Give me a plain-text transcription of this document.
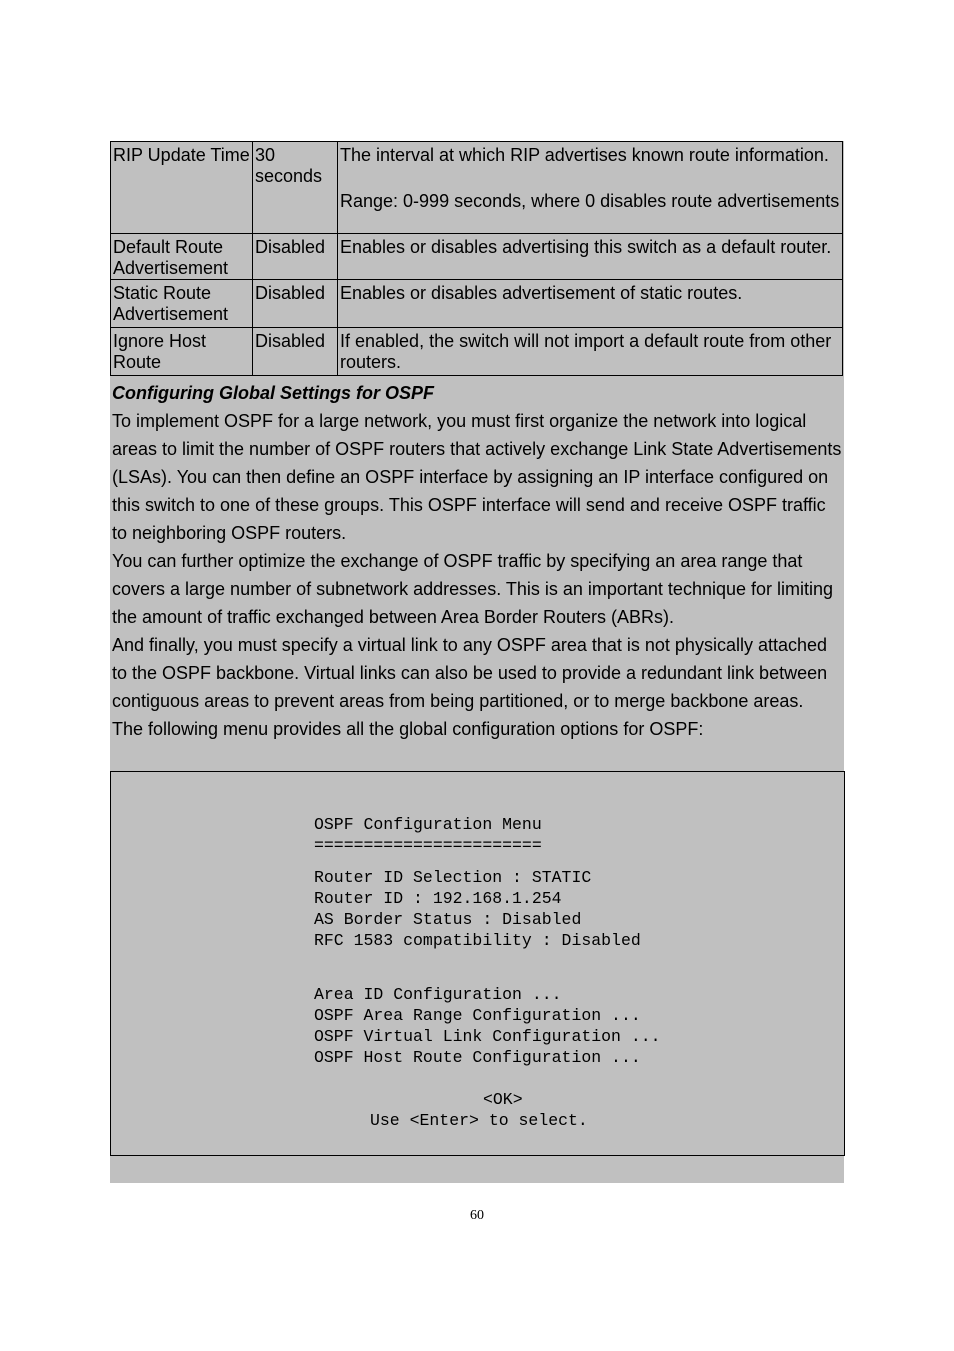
RIP Update Time	30 seconds	The interval at which RIP advertises known route information.
		Range: 0-999 seconds, where 0 disables route advertisements
Default Route Advertisement	Disabled	Enables or disables advertising this switch as a default router.
Static Route Advertisement	Disabled	Enables or disables advertisement of static routes.
Ignore Host Route	Disabled	If enabled, the switch will not import a default route from other routers.
Configuring Global Settings for OSPF

To implement OSPF for a large network, you must first organize the network into logical areas to limit the number of OSPF routers that actively exchange Link State Advertisements (LSAs). You can then define an OSPF interface by assigning an IP interface configured on this switch to one of these groups. This OSPF interface will send and receive OSPF traffic to neighboring OSPF routers.

You can further optimize the exchange of OSPF traffic by specifying an area range that covers a large number of subnetwork addresses. This is an important technique for limiting the amount of traffic exchanged between Area Border Routers (ABRs).

And finally, you must specify a virtual link to any OSPF area that is not physically attached to the OSPF backbone. Virtual links can also be used to provide a redundant link between contiguous areas to prevent areas from being partitioned, or to merge backbone areas.

The following menu provides all the global configuration options for OSPF:

OSPF Configuration Menu
=======================
Router ID Selection : STATIC
Router ID : 192.168.1.254
AS Border Status : Disabled
RFC 1583 compatibility : Disabled
Area ID Configuration ...
OSPF Area Range Configuration ...
OSPF Virtual Link Configuration ...
OSPF Host Route Configuration ...
<OK>
Use <Enter> to select.
60
